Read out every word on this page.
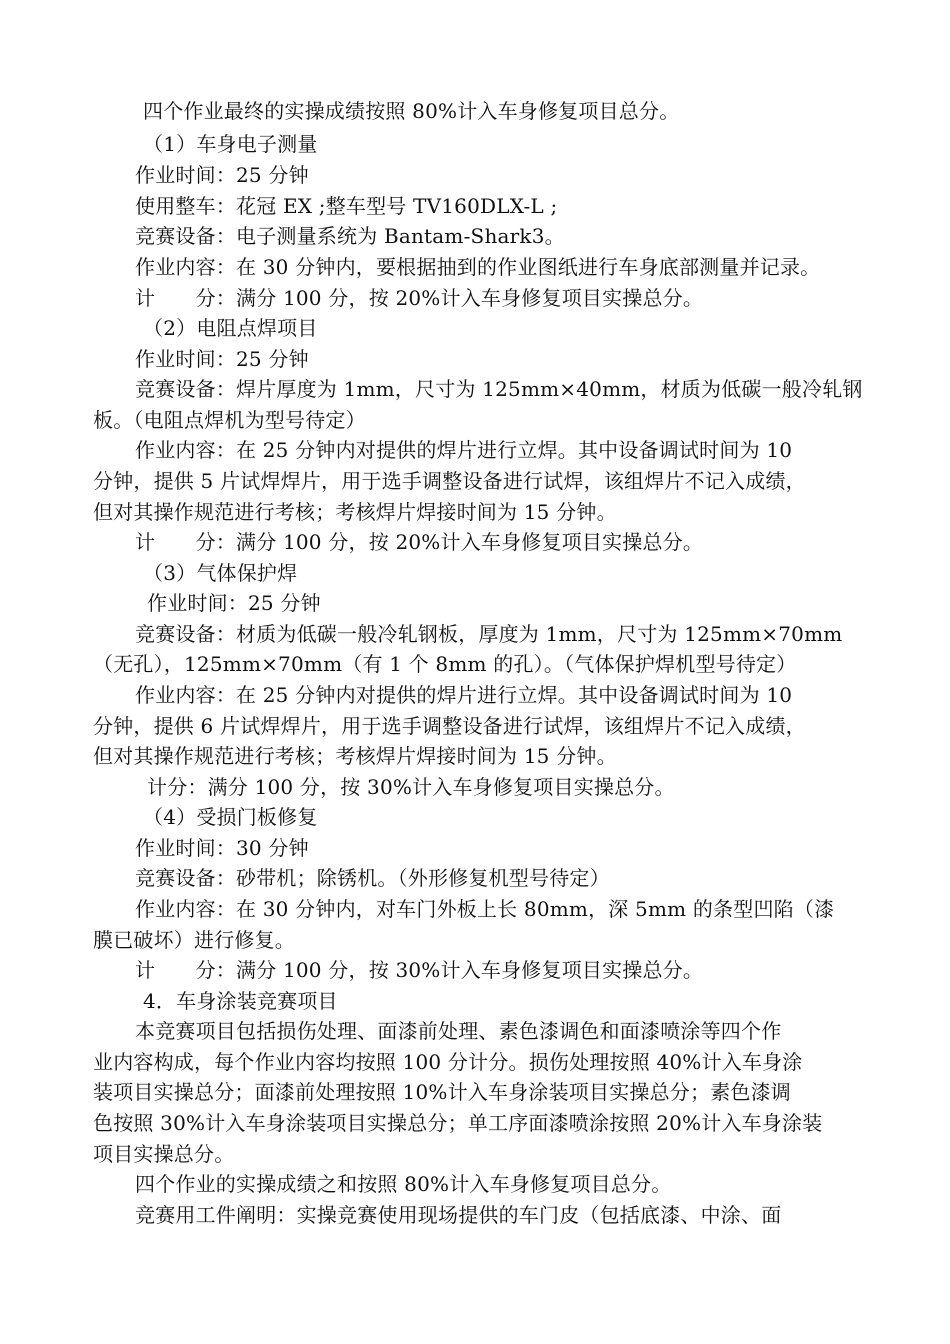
四个作业最终的实操成绩按照 80%计入车身修复项目总分。
（1）车身电子测量
作业时间：25 分钟
使用整车：花冠 EX ;整车型号 TV160DLX-L ;
竞赛设备：电子测量系统为 Bantam-Shark3。
作业内容：在 30 分钟内，要根据抽到的作业图纸进行车身底部测量并记录。
计　　分：满分 100 分，按 20%计入车身修复项目实操总分。
（2）电阻点焊项目
作业时间：25 分钟
竞赛设备：焊片厚度为 1mm，尺寸为 125mm×40mm，材质为低碳一般冷轧钢
板。（电阻点焊机为型号待定）
作业内容：在 25 分钟内对提供的焊片进行立焊。其中设备调试时间为 10
分钟，提供 5 片试焊焊片，用于选手调整设备进行试焊，该组焊片不记入成绩，
但对其操作规范进行考核；考核焊片焊接时间为 15 分钟。
计　　分：满分 100 分，按 20%计入车身修复项目实操总分。
（3）气体保护焊
作业时间：25 分钟
竞赛设备：材质为低碳一般冷轧钢板，厚度为 1mm，尺寸为 125mm×70mm
（无孔），125mm×70mm（有 1 个 8mm 的孔）。（气体保护焊机型号待定）
作业内容：在 25 分钟内对提供的焊片进行立焊。其中设备调试时间为 10
分钟，提供 6 片试焊焊片，用于选手调整设备进行试焊，该组焊片不记入成绩，
但对其操作规范进行考核；考核焊片焊接时间为 15 分钟。
计分：满分 100 分，按 30%计入车身修复项目实操总分。
（4）受损门板修复
作业时间：30 分钟
竞赛设备：砂带机；除锈机。（外形修复机型号待定）
作业内容：在 30 分钟内，对车门外板上长 80mm，深 5mm 的条型凹陷（漆
膜已破坏）进行修复。
计　　分：满分 100 分，按 30%计入车身修复项目实操总分。
4．车身涂装竞赛项目
本竞赛项目包括损伤处理、面漆前处理、素色漆调色和面漆喷涂等四个作
业内容构成，每个作业内容均按照 100 分计分。损伤处理按照 40%计入车身涂
装项目实操总分；面漆前处理按照 10%计入车身涂装项目实操总分；素色漆调
色按照 30%计入车身涂装项目实操总分；单工序面漆喷涂按照 20%计入车身涂装
项目实操总分。
四个作业的实操成绩之和按照 80%计入车身修复项目总分。
竞赛用工件阐明：实操竞赛使用现场提供的车门皮（包括底漆、中涂、面
